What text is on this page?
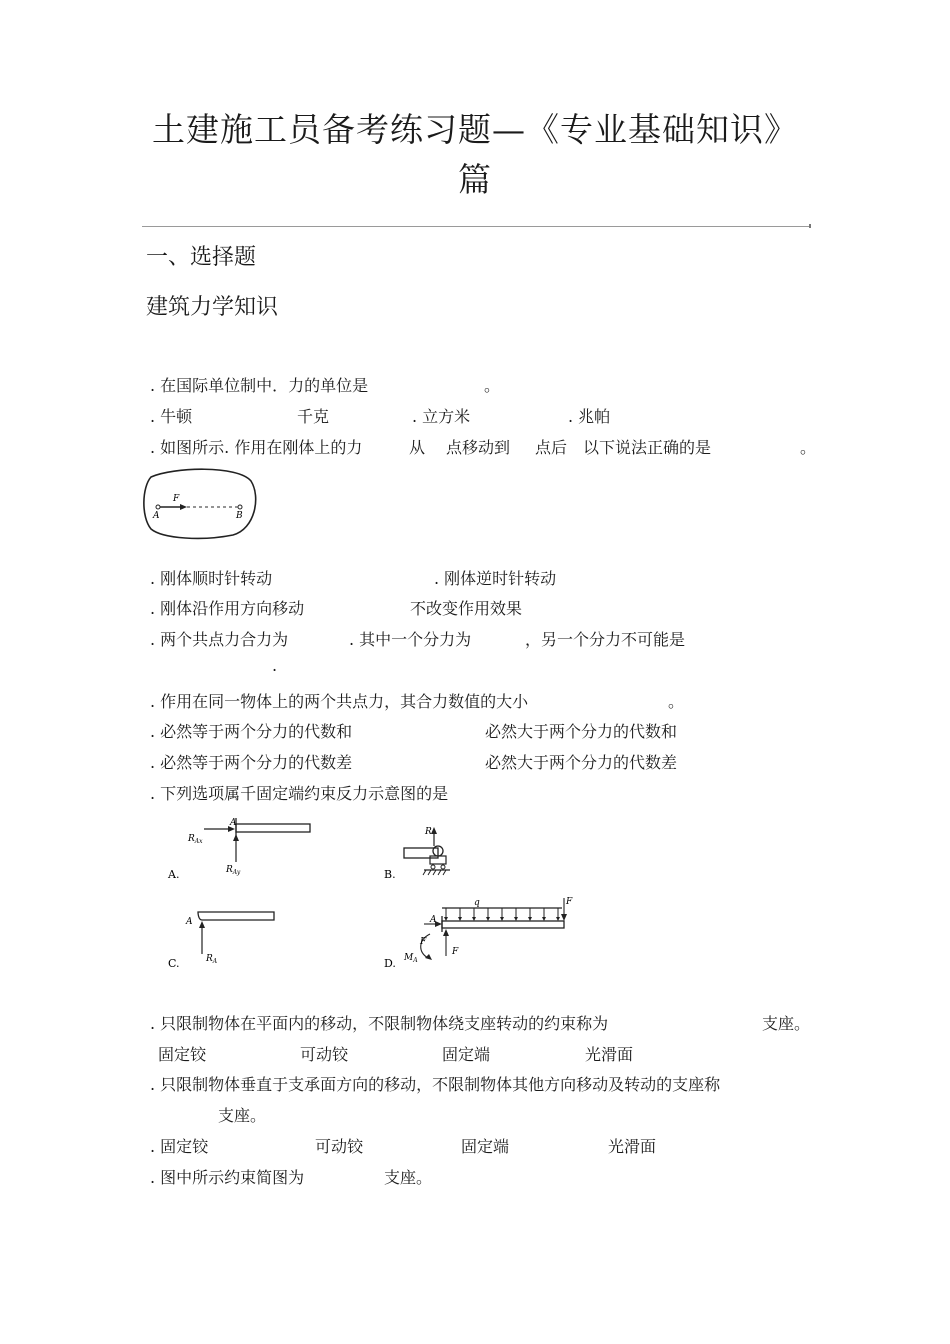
土建施工员备考练习题—《专业基础知识》
篇
一、选择题
建筑力学知识
. 在国际单位制中．力的单位是	。
. 牛顿	千克	. 立方米	. 兆帕
. 如图所示. 作用在刚体上的力	从 点移动到 点后 以下说法正确的是	。
F
A	B
. 刚体顺时针转动	. 刚体逆时针转动
. 刚体沿作用方向移动	不改变作用效果
. 两个共点力合力为	. 其中一个分力为	，另一个分力不可能是
.
. 作用在同一物体上的两个共点力，其合力数值的大小	。
. 必然等于两个分力的代数和	必然大于两个分力的代数和
. 必然等于两个分力的代数差	必然大于两个分力的代数差
. 下列选项属千固定端约束反力示意图的是
A
$R_{Ax}$
$R_{Ay}$
A.
R
B.
A
$R_A$
C.
q	F
A
F
F
$M_A$
D.
. 只限制物体在平面内的移动，不限制物体绕支座转动的约束称为	支座。
固定铰	可动铰	固定端	光滑面
. 只限制物体垂直于支承面方向的移动，不限制物体其他方向移动及转动的支座称
支座。
. 固定铰	可动铰	固定端	光滑面
. 图中所示约束简图为	支座。
